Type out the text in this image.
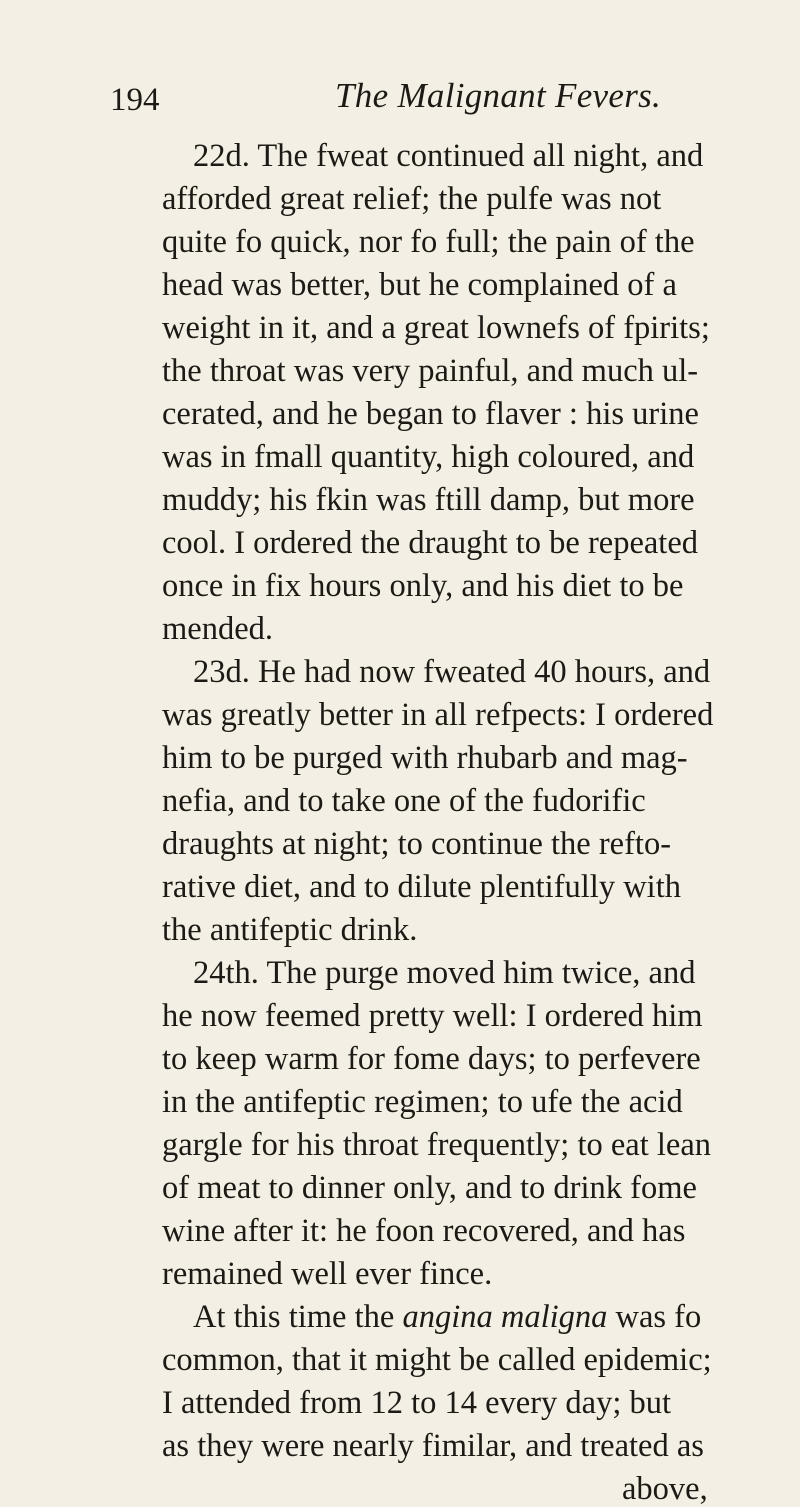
194	The Malignant Fevers.
22d. The fweat continued all night, and
afforded great relief; the pulfe was not
quite fo quick, nor fo full; the pain of the
head was better, but he complained of a
weight in it, and a great lownefs of fpirits;
the throat was very painful, and much ul-
cerated, and he began to flaver : his urine
was in fmall quantity, high coloured, and
muddy; his fkin was ftill damp, but more
cool. I ordered the draught to be repeated
once in fix hours only, and his diet to be
mended.
23d. He had now fweated 40 hours, and
was greatly better in all refpects: I ordered
him to be purged with rhubarb and mag-
nefia, and to take one of the fudorific
draughts at night; to continue the refto-
rative diet, and to dilute plentifully with
the antifeptic drink.
24th. The purge moved him twice, and
he now feemed pretty well: I ordered him
to keep warm for fome days; to perfevere
in the antifeptic regimen; to ufe the acid
gargle for his throat frequently; to eat lean
of meat to dinner only, and to drink fome
wine after it: he foon recovered, and has
remained well ever fince.
At this time the angina maligna was fo
common, that it might be called epidemic;
I attended from 12 to 14 every day; but
as they were nearly fimilar, and treated as
above,
